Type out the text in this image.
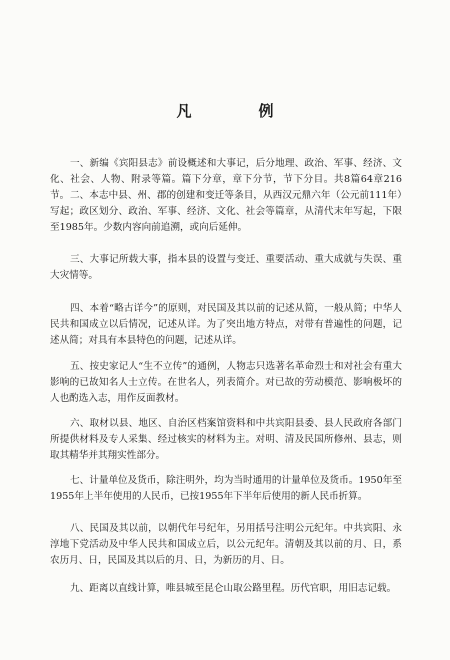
凡　例

一、新编《宾阳县志》前设概述和大事记，后分地理、政治、军事、经济、文化、社会、人物、附录等篇。篇下分章，章下分节，节下分目。共8篇64章216节。 二、本志中县、州、郡的创建和变迁等条目，从西汉元鼎六年（公元前111年）写起；政区划分、政治、军事、经济、文化、社会等篇章，从清代末年写起，下限至1985年。少数内容向前追溯，或向后延伸。

三、大事记所载大事，指本县的设置与变迁、重要活动、重大成就与失误、重大灾情等。

四、本着“略古详今”的原则，对民国及其以前的记述从简，一般从简；中华人民共和国成立以后情况，记述从详。为了突出地方特点，对带有普遍性的问题，记述从简；对具有本县特色的问题，记述从详。

五、按史家记人“生不立传”的通例，人物志只选著名革命烈士和对社会有重大影响的已故知名人士立传。在世名人，列表简介。对已故的劳动模范、影响极坏的人也酌选入志，用作反面教材。

六、取材以县、地区、自治区档案馆资料和中共宾阳县委、县人民政府各部门所提供材料及专人采集、经过核实的材料为主。对明、清及民国所修州、县志，则取其精华并其翔实性部分。

七、计量单位及货币，除注明外，均为当时通用的计量单位及货币。1950年至1955年上半年使用的人民币，已按1955年下半年后使用的新人民币折算。

八、民国及其以前，以朝代年号纪年，另用括号注明公元纪年。中共宾阳、永淳地下党活动及中华人民共和国成立后，以公元纪年。清朝及其以前的月、日，系农历月、日，民国及其以后的月、日，为新历的月、日。

九、距离以直线计算，唯县城至昆仑山取公路里程。历代官职，用旧志记载。
